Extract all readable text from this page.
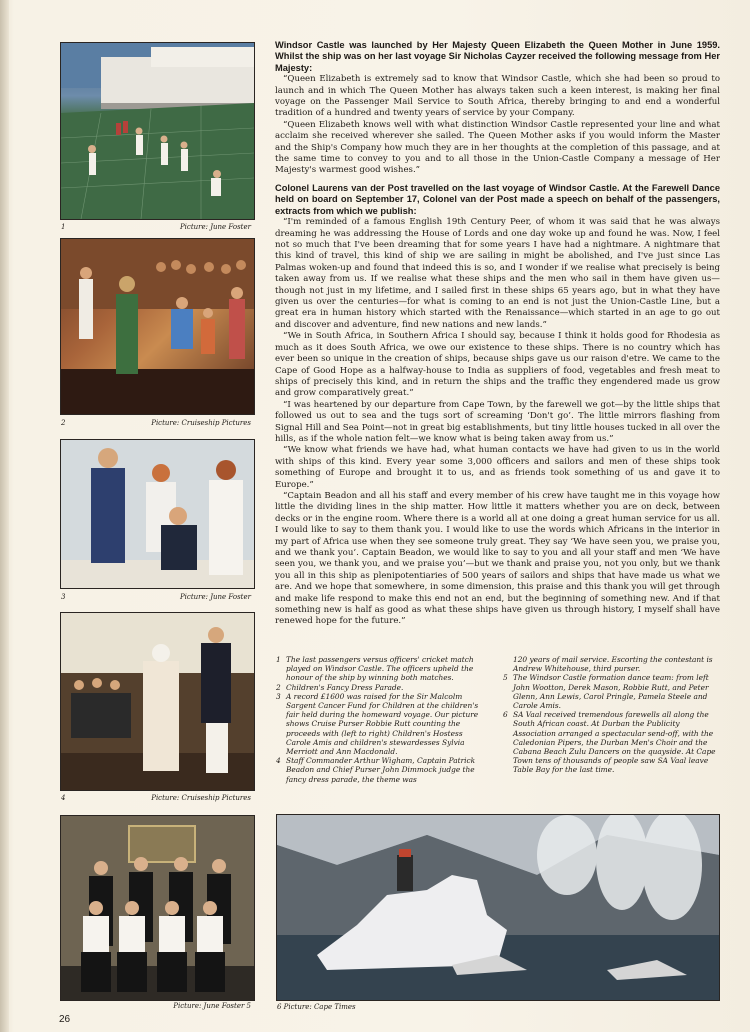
1	Picture: June Foster
2	Picture: Cruiseship Pictures
3	Picture: June Foster
4	Picture: Cruiseship Pictures
Picture: June Foster 5	6 Picture: Cape Times

Windsor Castle was launched by Her Majesty Queen Elizabeth the Queen Mother in June 1959. Whilst the ship was on her last voyage Sir Nicholas Cayzer received the following message from Her Majesty:

“Queen Elizabeth is extremely sad to know that Windsor Castle, which she had been so proud to launch and in which The Queen Mother has always taken such a keen interest, is making her final voyage on the Passenger Mail Service to South Africa, thereby bringing to and end a wonderful tradition of a hundred and twenty years of service by your Company.

“Queen Elizabeth knows well with what distinction Windsor Castle represented your line and what acclaim she received wherever she sailed. The Queen Mother asks if you would inform the Master and the Ship's Company how much they are in her thoughts at the completion of this passage, and at the same time to convey to you and to all those in the Union-Castle Company a message of Her Majesty's warmest good wishes.”

Colonel Laurens van der Post travelled on the last voyage of Windsor Castle. At the Farewell Dance held on board on September 17, Colonel van der Post made a speech on behalf of the passengers, extracts from which we publish:

“I'm reminded of a famous English 19th Century Peer, of whom it was said that he was always dreaming he was addressing the House of Lords and one day woke up and found he was. Now, I feel not so much that I've been dreaming that for some years I have had a nightmare. A nightmare that this kind of travel, this kind of ship we are sailing in might be abolished, and I've just since Las Palmas woken-up and found that indeed this is so, and I wonder if we realise what precisely is being taken away from us. If we realise what these ships and the men who sail in them have given us—though not just in my lifetime, and I sailed first in these ships 65 years ago, but in what they have given us over the centuries—for what is coming to an end is not just the Union-Castle Line, but a great era in human history which started with the Renaissance—which started in an age to go out and discover and adventure, find new nations and new lands.”

“We in South Africa, in Southern Africa I should say, because I think it holds good for Rhodesia as much as it does South Africa, we owe our existence to these ships. There is no country which has ever been so unique in the creation of ships, because ships gave us our raison d'etre. We came to the Cape of Good Hope as a halfway-house to India as suppliers of food, vegetables and fresh meat to ships of precisely this kind, and in return the ships and the traffic they engendered made us grow and grow comparatively great.”

“I was heartened by our departure from Cape Town, by the farewell we got—by the little ships that followed us out to sea and the tugs sort of screaming ‘Don't go’. The little mirrors flashing from Signal Hill and Sea Point—not in great big establishments, but tiny little houses tucked in all over the hills, as if the whole nation felt—we know what is being taken away from us.”

“We know what friends we have had, what human contacts we have had given to us in the world with ships of this kind. Every year some 3,000 officers and sailors and men of these ships took something of Europe and brought it to us, and as friends took something of us and gave it to Europe.”

“Captain Beadon and all his staff and every member of his crew have taught me in this voyage how little the dividing lines in the ship matter. How little it matters whether you are on deck, between decks or in the engine room. Where there is a world all at one doing a great human service for us all. I would like to say to them thank you. I would like to use the words which Africans in the interior in my part of Africa use when they see someone truly great. They say ‘We have seen you, we praise you, and we thank you’. Captain Beadon, we would like to say to you and all your staff and men ‘We have seen you, we thank you, and we praise you’—but we thank and praise you, not you only, but we thank you all in this ship as plenipotentiaries of 500 years of sailors and ships that have made us what we are. And we hope that somewhere, in some dimension, this praise and this thank you will get through and make life respond to make this end not an end, but the beginning of something new. And if that something new is half as good as what these ships have given us through history, I myself shall have renewed hope for the future.”

1 The last passengers versus officers' cricket match played on Windsor Castle. The officers upheld the honour of the ship by winning both matches.

2 Children's Fancy Dress Parade.

3 A record £1600 was raised for the Sir Malcolm Sargent Cancer Fund for Children at the children's fair held during the homeward voyage. Our picture shows Cruise Purser Robbie Rutt counting the proceeds with (left to right) Children's Hostess Carole Amis and children's stewardesses Sylvia Merriott and Ann Macdonald.

4 Staff Commander Arthur Wigham, Captain Patrick Beadon and Chief Purser John Dimmock judge the fancy dress parade, the theme was

120 years of mail service. Escorting the contestant is Andrew Whitehouse, third purser.

5 The Windsor Castle formation dance team: from left John Wootton, Derek Mason, Robbie Rutt, and Peter Glenn, Ann Lewis, Carol Pringle, Pamela Steele and Carole Amis.

6 SA Vaal received tremendous farewells all along the South African coast. At Durban the Publicity Association arranged a spectacular send-off, with the Caledonian Pipers, the Durban Men's Choir and the Cabana Beach Zulu Dancers on the quayside. At Cape Town tens of thousands of people saw SA Vaal leave Table Bay for the last time.

26
